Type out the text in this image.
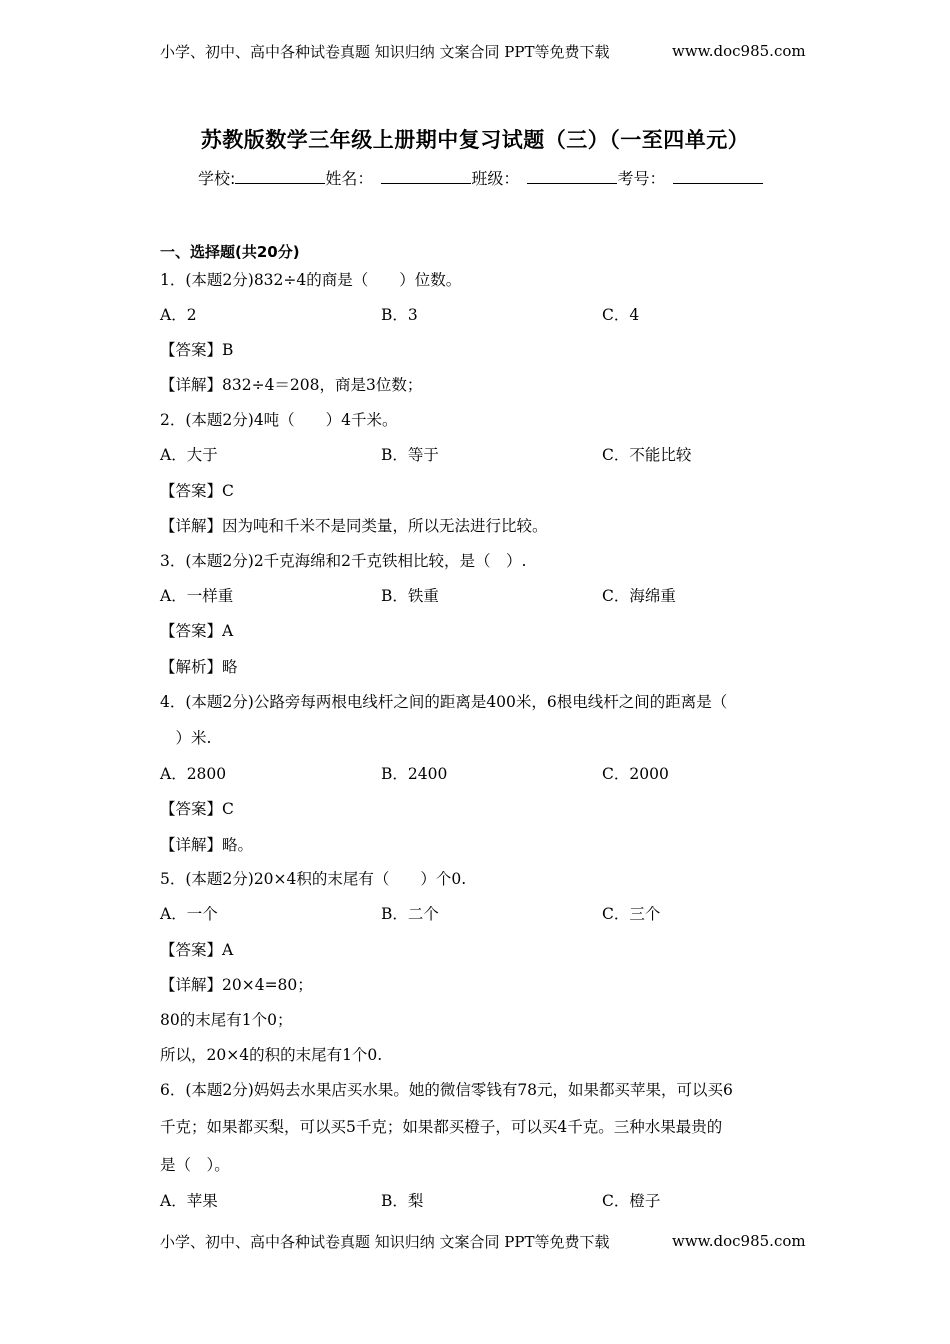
小学、初中、高中各种试卷真题 知识归纳 文案合同 PPT等免费下载	www.doc985.com
苏教版数学三年级上册期中复习试题（三）（一至四单元）
学校:	姓名：	班级：	考号：
一、选择题(共20分)
1．(本题2分)832÷4的商是（　　）位数。
A．2	B．3	C．4
【答案】B
【详解】832÷4＝208，商是3位数；
2．(本题2分)4吨（　　）4千米。
A．大于	B．等于	C．不能比较
【答案】C
【详解】因为吨和千米不是同类量，所以无法进行比较。
3．(本题2分)2千克海绵和2千克铁相比较，是（　）.
A．一样重	B．铁重	C．海绵重
【答案】A
【解析】略
4．(本题2分)公路旁每两根电线杆之间的距离是400米，6根电线杆之间的距离是（
　）米.
A．2800	B．2400	C．2000
【答案】C
【详解】略。
5．(本题2分)20×4积的末尾有（　　）个0.
A．一个	B．二个	C．三个
【答案】A
【详解】20×4=80；
80的末尾有1个0；
所以，20×4的积的末尾有1个0.
6．(本题2分)妈妈去水果店买水果。她的微信零钱有78元，如果都买苹果，可以买6
千克；如果都买梨，可以买5千克；如果都买橙子，可以买4千克。三种水果最贵的
是（　）。
A．苹果	B．梨	C．橙子
小学、初中、高中各种试卷真题 知识归纳 文案合同 PPT等免费下载	www.doc985.com
